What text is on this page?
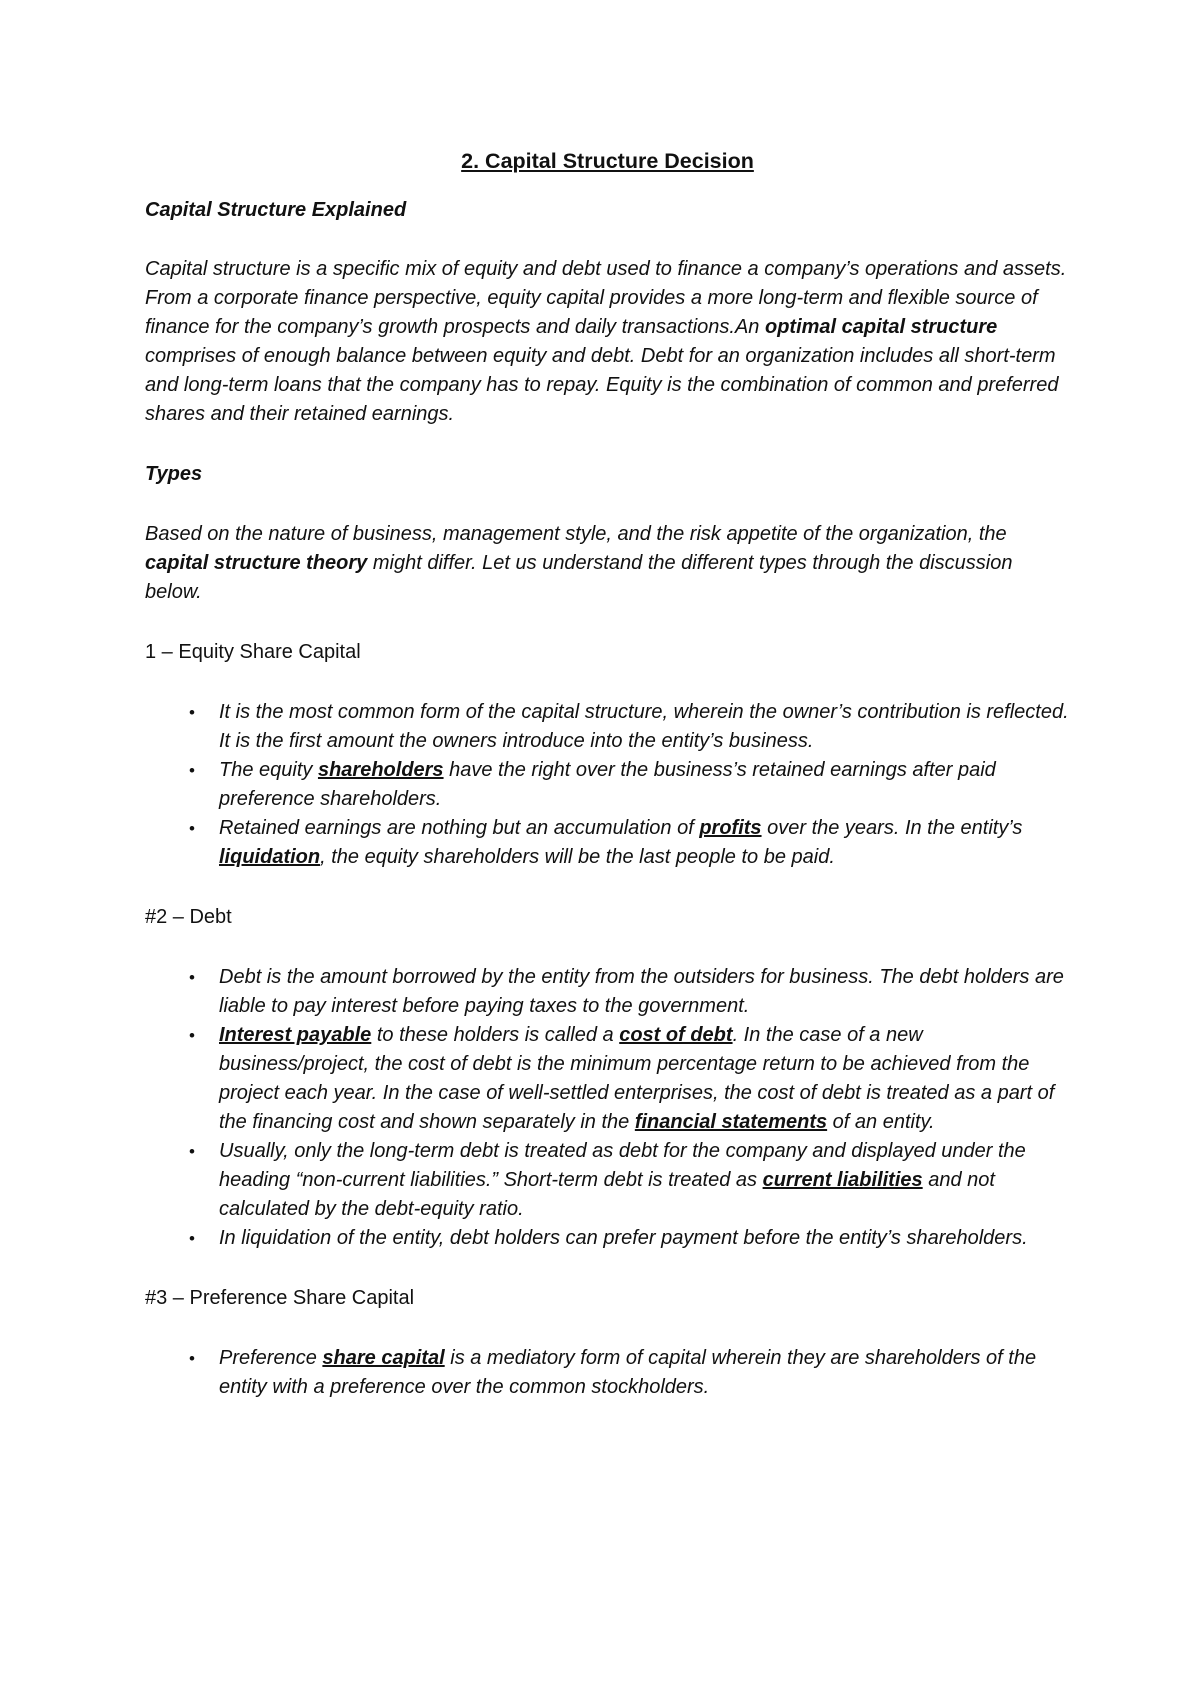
2. Capital Structure Decision
Capital Structure Explained
Capital structure is a specific mix of equity and debt used to finance a company’s operations and assets. From a corporate finance perspective, equity capital provides a more long-term and flexible source of finance for the company’s growth prospects and daily transactions.An optimal capital structure comprises of enough balance between equity and debt. Debt for an organization includes all short-term and long-term loans that the company has to repay. Equity is the combination of common and preferred shares and their retained earnings.
Types
Based on the nature of business, management style, and the risk appetite of the organization, the capital structure theory might differ. Let us understand the different types through the discussion below.
1 – Equity Share Capital
• It is the most common form of the capital structure, wherein the owner’s contribution is reflected. It is the first amount the owners introduce into the entity’s business.
• The equity shareholders have the right over the business’s retained earnings after paid preference shareholders.
• Retained earnings are nothing but an accumulation of profits over the years. In the entity’s liquidation, the equity shareholders will be the last people to be paid.
#2 – Debt
• Debt is the amount borrowed by the entity from the outsiders for business. The debt holders are liable to pay interest before paying taxes to the government.
• Interest payable to these holders is called a cost of debt. In the case of a new business/project, the cost of debt is the minimum percentage return to be achieved from the project each year. In the case of well-settled enterprises, the cost of debt is treated as a part of the financing cost and shown separately in the financial statements of an entity.
• Usually, only the long-term debt is treated as debt for the company and displayed under the heading “non-current liabilities.” Short-term debt is treated as current liabilities and not calculated by the debt-equity ratio.
• In liquidation of the entity, debt holders can prefer payment before the entity’s shareholders.
#3 – Preference Share Capital
• Preference share capital is a mediatory form of capital wherein they are shareholders of the entity with a preference over the common stockholders.
